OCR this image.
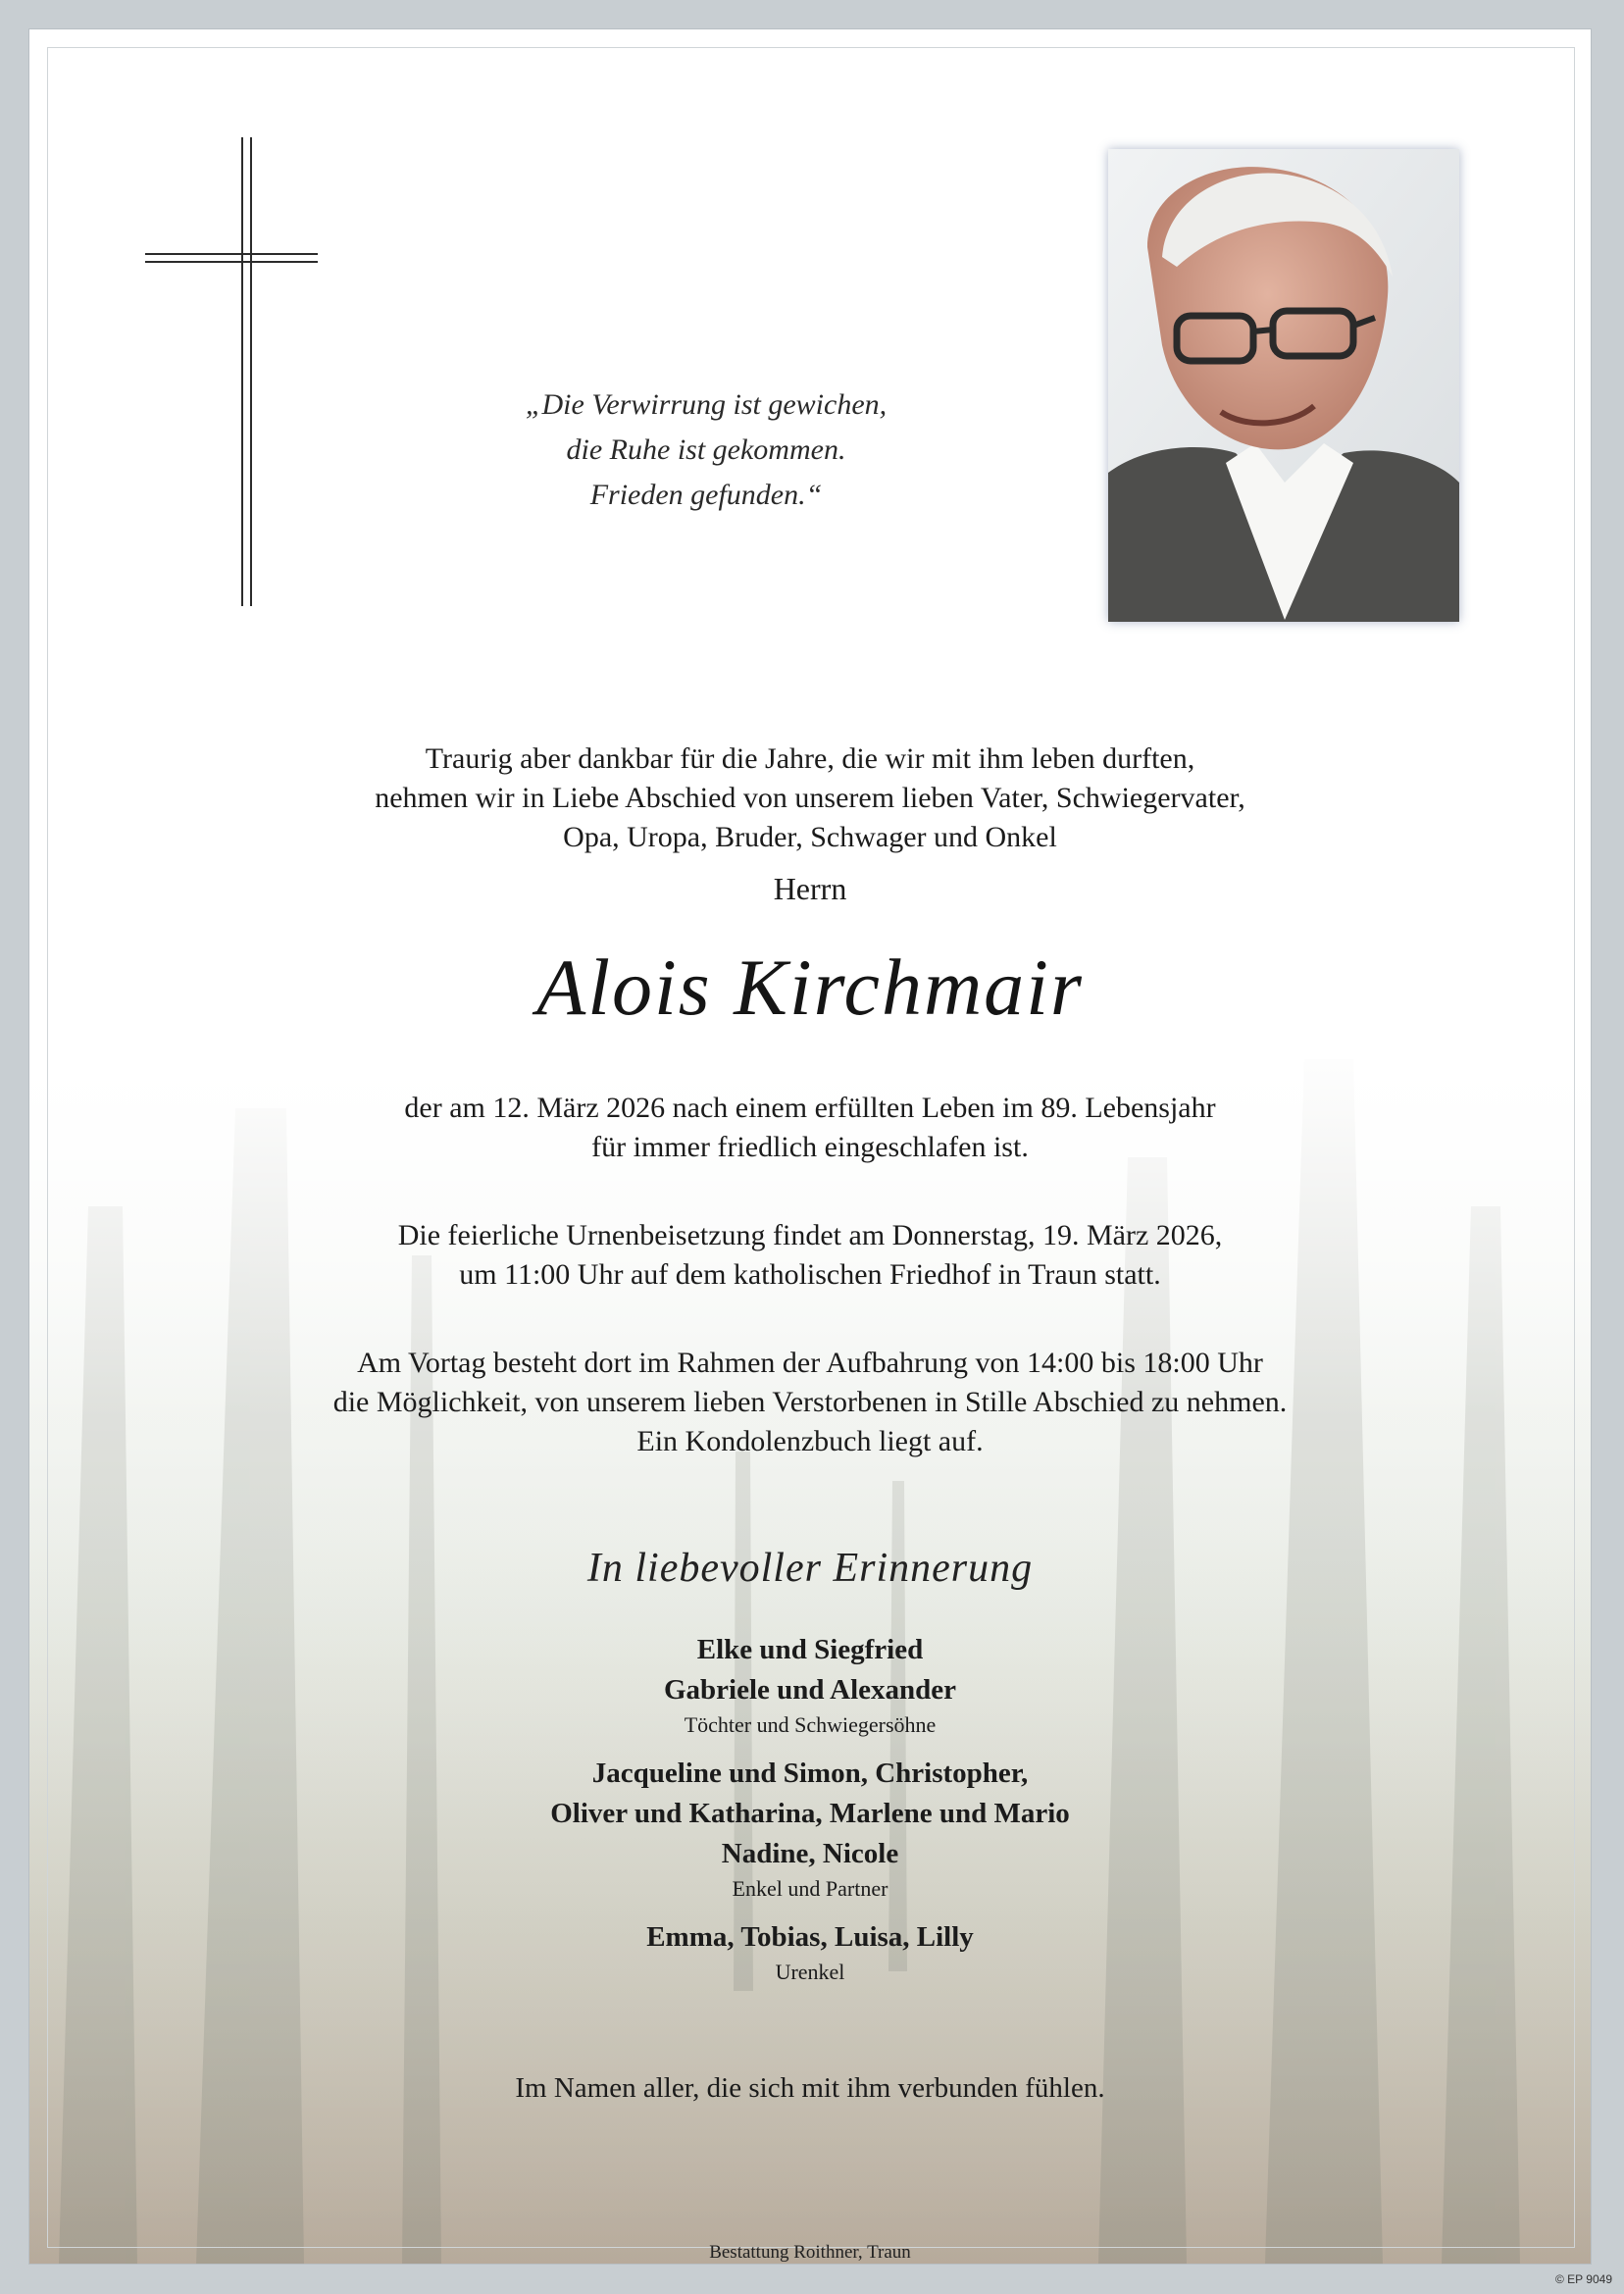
„Die Verwirrung ist gewichen,
die Ruhe ist gekommen.
Frieden gefunden.“
Traurig aber dankbar für die Jahre, die wir mit ihm leben durften,
nehmen wir in Liebe Abschied von unserem lieben Vater, Schwiegervater,
Opa, Uropa, Bruder, Schwager und Onkel
Herrn
Alois Kirchmair
der am 12. März 2026 nach einem erfüllten Leben im 89. Lebensjahr
für immer friedlich eingeschlafen ist.
Die feierliche Urnenbeisetzung findet am Donnerstag, 19. März 2026,
um 11:00 Uhr auf dem katholischen Friedhof in Traun statt.
Am Vortag besteht dort im Rahmen der Aufbahrung von 14:00 bis 18:00 Uhr
die Möglichkeit, von unserem lieben Verstorbenen in Stille Abschied zu nehmen.
Ein Kondolenzbuch liegt auf.
In liebevoller Erinnerung
Elke und Siegfried
Gabriele und Alexander
Töchter und Schwiegersöhne
Jacqueline und Simon, Christopher,
Oliver und Katharina, Marlene und Mario
Nadine, Nicole
Enkel und Partner
Emma, Tobias, Luisa, Lilly
Urenkel
Im Namen aller, die sich mit ihm verbunden fühlen.
Bestattung Roithner, Traun
© EP 9049
